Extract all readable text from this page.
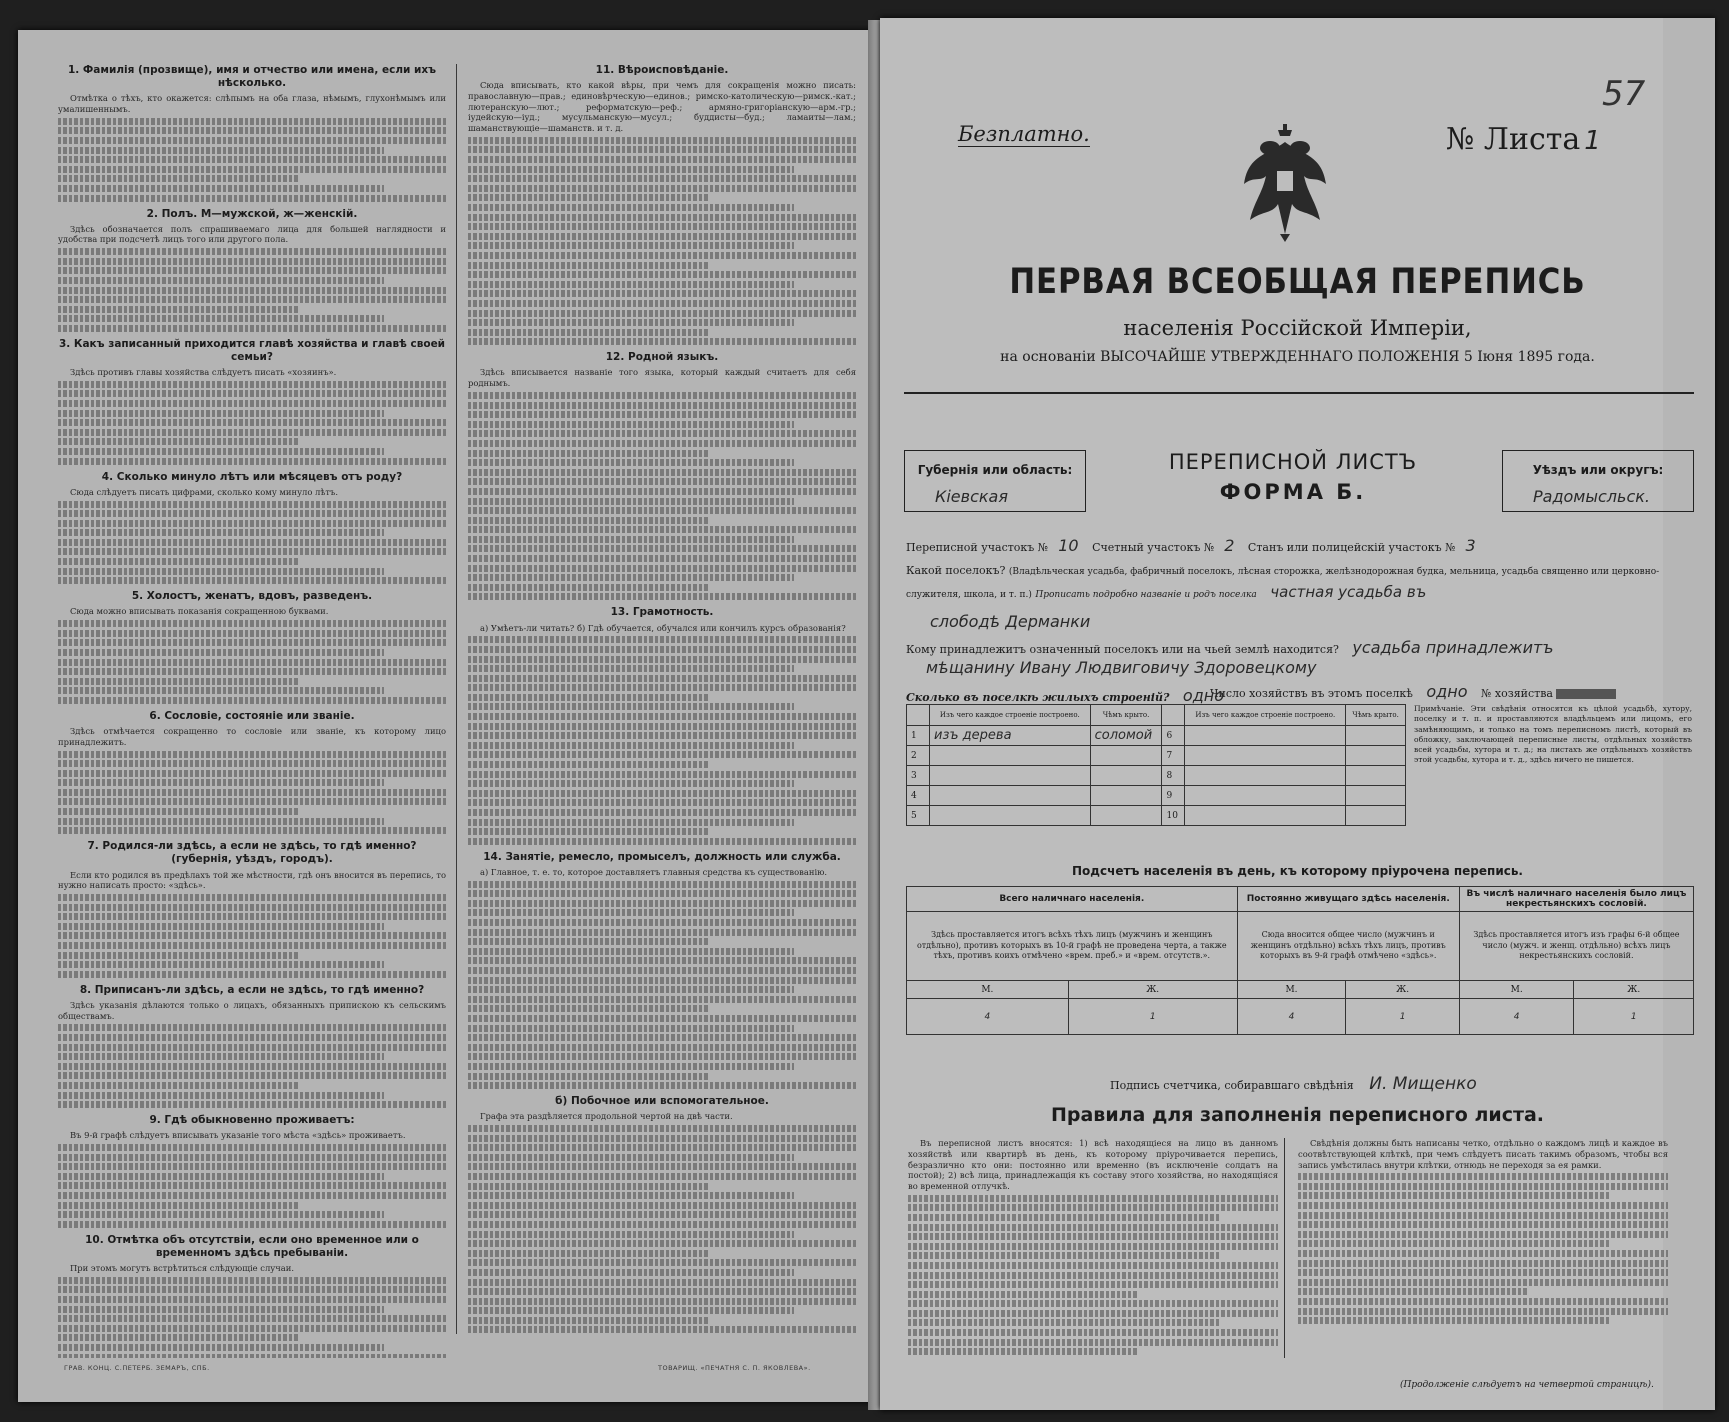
1. Фамилія (прозвище), имя и отчество или имена, если ихъ нѣсколько.

Отмѣтка о тѣхъ, кто окажется: слѣпымъ на оба глаза, нѣмымъ, глухонѣмымъ или умалишеннымъ.

2. Полъ. М—мужской, ж—женскій.

Здѣсь обозначается полъ спрашиваемаго лица для большей наглядности и удобства при подсчетѣ лицъ того или другого пола.

3. Какъ записанный приходится главѣ хозяйства и главѣ своей семьи?

Здѣсь противъ главы хозяйства слѣдуетъ писать «хозяинъ».

4. Сколько минуло лѣтъ или мѣсяцевъ отъ роду?

Сюда слѣдуетъ писать цифрами, сколько кому минуло лѣтъ.

5. Холостъ, женатъ, вдовъ, разведенъ.

Сюда можно вписывать показанія сокращенною буквами.

6. Сословіе, состояніе или званіе.

Здѣсь отмѣчается сокращенно то сословіе или званіе, къ которому лицо принадлежитъ.

7. Родился-ли здѣсь, а если не здѣсь, то гдѣ именно? (губернія, уѣздъ, городъ).

Если кто родился въ предѣлахъ той же мѣстности, гдѣ онъ вносится въ перепись, то нужно написать просто: «здѣсь».

8. Приписанъ-ли здѣсь, а если не здѣсь, то гдѣ именно?

Здѣсь указанія дѣлаются только о лицахъ, обязанныхъ припискою къ сельскимъ обществамъ.

9. Гдѣ обыкновенно проживаетъ:

Въ 9-й графѣ слѣдуетъ вписывать указаніе того мѣста «здѣсь» проживаетъ.

10. Отмѣтка объ отсутствіи, если оно временное или о временномъ здѣсь пребываніи.

При этомъ могутъ встрѣтиться слѣдующіе случаи.

11. Вѣроисповѣданіе.

Сюда вписывать, кто какой вѣры, при чемъ для сокращенія можно писать: православную—прав.; единовѣрческую—единов.; римско-католическую—римск.-кат.; лютеранскую—лют.; реформатскую—реф.; армяно-григоріанскую—арм.-гр.; іудейскую—іуд.; мусульманскую—мусул.; буддисты—буд.; ламаиты—лам.; шаманствующіе—шаманств. и т. д.

12. Родной языкъ.

Здѣсь вписывается названіе того языка, который каждый считаетъ для себя роднымъ.

13. Грамотность.

а) Умѣетъ-ли читать? б) Гдѣ обучается, обучался или кончилъ курсъ образованія?

14. Занятіе, ремесло, промыселъ, должность или служба.

а) Главное, т. е. то, которое доставляетъ главныя средства къ существованію.

б) Побочное или вспомогательное.

Графа эта раздѣляется продольной чертой на двѣ части.

ГРАВ. КОНЦ. С.ПЕТЕРБ. ЗЕМАРЪ, СПБ.	ТОВАРИЩ. «ПЕЧАТНЯ С. П. ЯКОВЛЕВА».
57
Безплатно.	№ Листа 1
ПЕРВАЯ ВСЕОБЩАЯ ПЕРЕПИСЬ
населенія Россійской Имперіи,
на основаніи ВЫСОЧАЙШЕ УТВЕРЖДЕННАГО ПОЛОЖЕНІЯ 5 Іюня 1895 года.
Губернія или область:
Кіевская
ПЕРЕПИСНОЙ ЛИСТЪ
ФОРМА Б.
Уѣздъ или округъ:
Радомысльск.
Переписной участокъ № 10 Счетный участокъ № 2 Станъ или полицейскій участокъ № 3
Какой поселокъ? (Владѣльческая усадьба, фабричный поселокъ, лѣсная сторожка, желѣзнодорожная будка, мельница, усадьба священно или церковно-служителя, школа, и т. п.) Прописать подробно названіе и родъ поселка частная усадьба въ
слободѣ Дерманки
Кому принадлежитъ означенный поселокъ или на чьей землѣ находится? усадьба принадлежитъ
мѣщанину Ивану Людвиговичу Здоровецкому
Число хозяйствъ въ этомъ поселкѣ одно № хозяйства
Сколько въ поселкѣ жилыхъ строеній? одно
	Изъ чего каждое строеніе построено.	Чѣмъ крыто.		Изъ чего каждое строеніе построено.	Чѣмъ крыто.
1	изъ дерева	соломой	6		
2			7		
3			8		
4			9		
5			10		
Примѣчаніе. Эти свѣдѣнія относятся къ цѣлой усадьбѣ, хутору, поселку и т. п. и проставляются владѣльцемъ или лицомъ, его замѣняющимъ, и только на томъ переписномъ листѣ, который въ обложку, заключающей переписные листы, отдѣльных хозяйствъ всей усадьбы, хутора и т. д.; на листахъ же отдѣльныхъ хозяйствъ этой усадьбы, хутора и т. д., здѣсь ничего не пишется.
Подсчетъ населенія въ день, къ которому пріурочена перепись.
Всего наличнаго населенія.		Постоянно живущаго здѣсь населенія.		Въ числѣ наличнаго населенія было лицъ некрестьянскихъ сословій.	
Здѣсь проставляется итогъ всѣхъ тѣхъ лицъ (мужчинъ и женщинъ отдѣльно), противъ которыхъ въ 10-й графѣ не проведена черта, а также тѣхъ, противъ коихъ отмѣчено «врем. преб.» и «врем. отсутств.».		Сюда вносится общее число (мужчинъ и женщинъ отдѣльно) всѣхъ тѣхъ лицъ, противъ которыхъ въ 9-й графѣ отмѣчено «здѣсь».		Здѣсь проставляется итогъ изъ графы 6-й общее число (мужч. и женщ. отдѣльно) всѣхъ лицъ некрестьянскихъ сословій.	
М.	Ж.	М.	Ж.	М.	Ж.
4	1	4	1	4	1
Подпись счетчика, собиравшаго свѣдѣнія И. Мищенко
Правила для заполненія переписного листа.

Въ переписной листъ вносятся: 1) всѣ находящіеся на лицо въ данномъ хозяйствѣ или квартирѣ въ день, къ которому пріурочивается перепись, безразлично кто они: постоянно или временно (въ исключеніе солдатъ на постой); 2) всѣ лица, принадлежащія къ составу этого хозяйства, но находящіяся во временной отлучкѣ.

Свѣдѣнія должны быть написаны четко, отдѣльно о каждомъ лицѣ и каждое въ соотвѣтствующей клѣткѣ, при чемъ слѣдуетъ писать такимъ образомъ, чтобы вся запись умѣстилась внутри клѣтки, отнюдь не переходя за ея рамки.

(Продолженіе слѣдуетъ на четвертой страницѣ).
